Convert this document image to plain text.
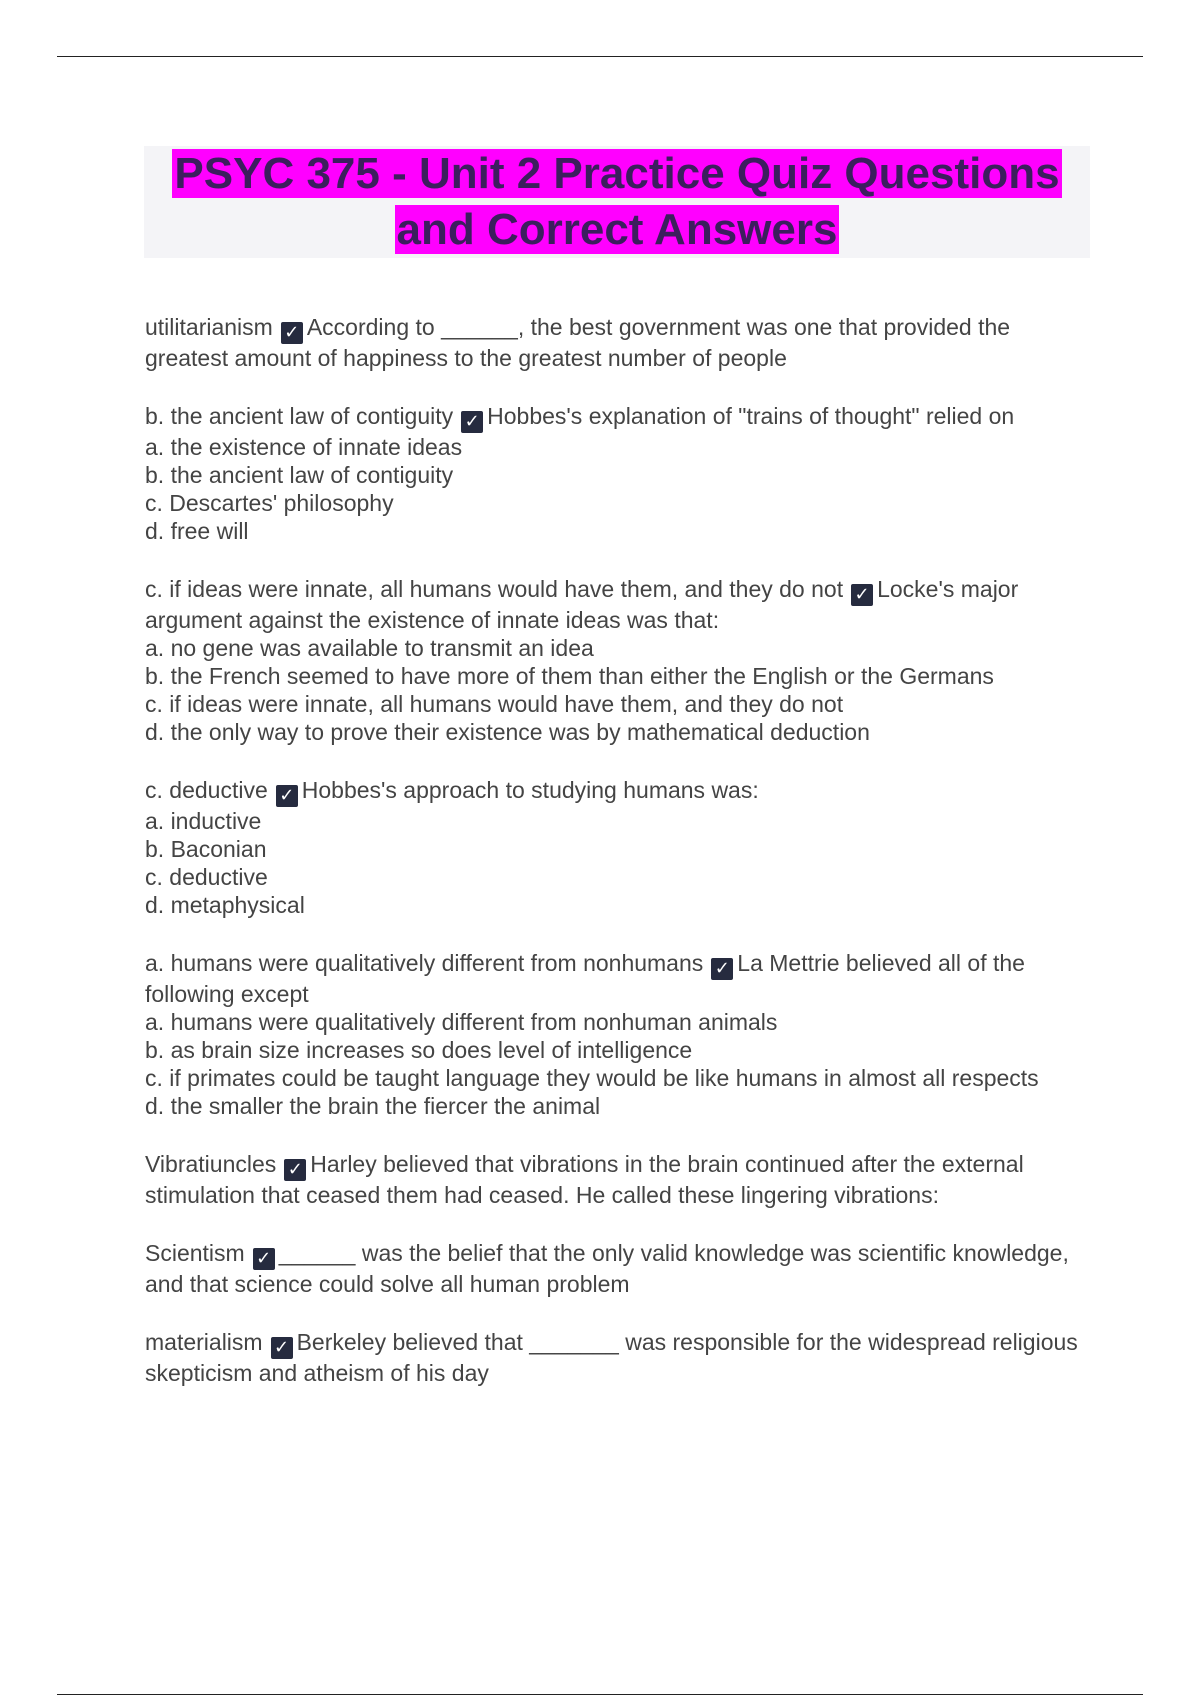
PSYC 375 - Unit 2 Practice Quiz Questions and Correct Answers

utilitarianism ✓ According to ______, the best government was one that provided the greatest amount of happiness to the greatest number of people

b. the ancient law of contiguity ✓ Hobbes's explanation of "trains of thought" relied on

a. the existence of innate ideas
b. the ancient law of contiguity
c. Descartes' philosophy
d. free will

c. if ideas were innate, all humans would have them, and they do not ✓ Locke's major argument against the existence of innate ideas was that:

a. no gene was available to transmit an idea
b. the French seemed to have more of them than either the English or the Germans
c. if ideas were innate, all humans would have them, and they do not
d. the only way to prove their existence was by mathematical deduction

c. deductive ✓ Hobbes's approach to studying humans was:

a. inductive
b. Baconian
c. deductive
d. metaphysical

a. humans were qualitatively different from nonhumans ✓ La Mettrie believed all of the following except

a. humans were qualitatively different from nonhuman animals
b. as brain size increases so does level of intelligence
c. if primates could be taught language they would be like humans in almost all respects
d. the smaller the brain the fiercer the animal

Vibratiuncles ✓ Harley believed that vibrations in the brain continued after the external stimulation that ceased them had ceased. He called these lingering vibrations:

Scientism ✓ ______ was the belief that the only valid knowledge was scientific knowledge, and that science could solve all human problem

materialism ✓ Berkeley believed that _______ was responsible for the widespread religious skepticism and atheism of his day
